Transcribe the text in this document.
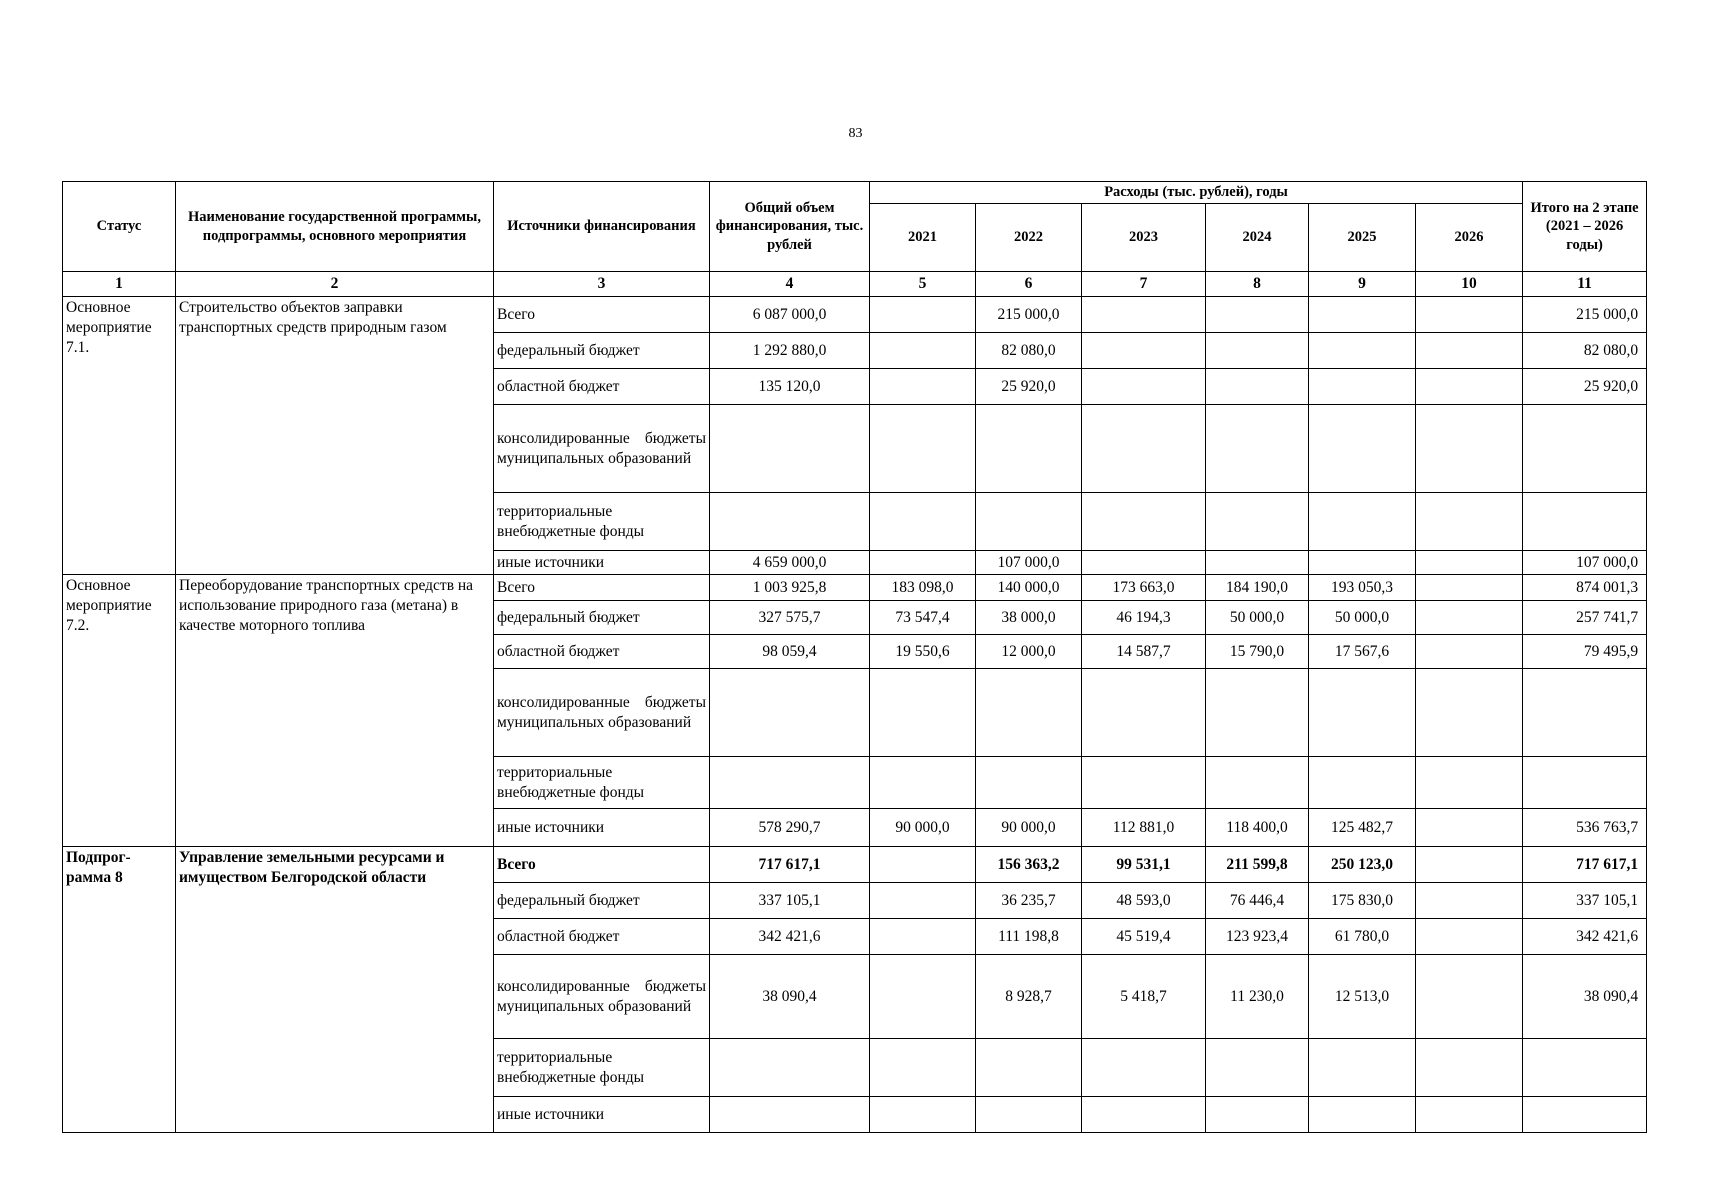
83
Статус	Наименование государственной программы, подпрограммы, основного мероприятия	Источники финансирования	Общий объем финансирования, тыс. рублей	Расходы (тыс. рублей), годы						Итого на 2 этапе (2021 – 2026 годы)
				2021	2022	2023	2024	2025	2026	
1	2	3	4	5	6	7	8	9	10	11
Основное мероприятие 7.1.	Строительство объектов заправки транспортных средств природным газом	Всего	6 087 000,0		215 000,0					215 000,0
		федеральный бюджет	1 292 880,0		82 080,0					82 080,0
		областной бюджет	135 120,0		25 920,0					25 920,0
		консолидированные бюджеты муниципальных образований								
		территориальные внебюджетные фонды								
		иные источники	4 659 000,0		107 000,0					107 000,0
Основное мероприятие 7.2.	Переоборудование транспортных средств на использование природного газа (метана) в качестве моторного топлива	Всего	1 003 925,8	183 098,0	140 000,0	173 663,0	184 190,0	193 050,3		874 001,3
		федеральный бюджет	327 575,7	73 547,4	38 000,0	46 194,3	50 000,0	50 000,0		257 741,7
		областной бюджет	98 059,4	19 550,6	12 000,0	14 587,7	15 790,0	17 567,6		79 495,9
		консолидированные бюджеты муниципальных образований								
		территориальные внебюджетные фонды								
		иные источники	578 290,7	90 000,0	90 000,0	112 881,0	118 400,0	125 482,7		536 763,7
Подпрог-рамма 8	Управление земельными ресурсами и имуществом Белгородской области	Всего	717 617,1		156 363,2	99 531,1	211 599,8	250 123,0		717 617,1
		федеральный бюджет	337 105,1		36 235,7	48 593,0	76 446,4	175 830,0		337 105,1
		областной бюджет	342 421,6		111 198,8	45 519,4	123 923,4	61 780,0		342 421,6
		консолидированные бюджеты муниципальных образований	38 090,4		8 928,7	5 418,7	11 230,0	12 513,0		38 090,4
		территориальные внебюджетные фонды								
		иные источники								
